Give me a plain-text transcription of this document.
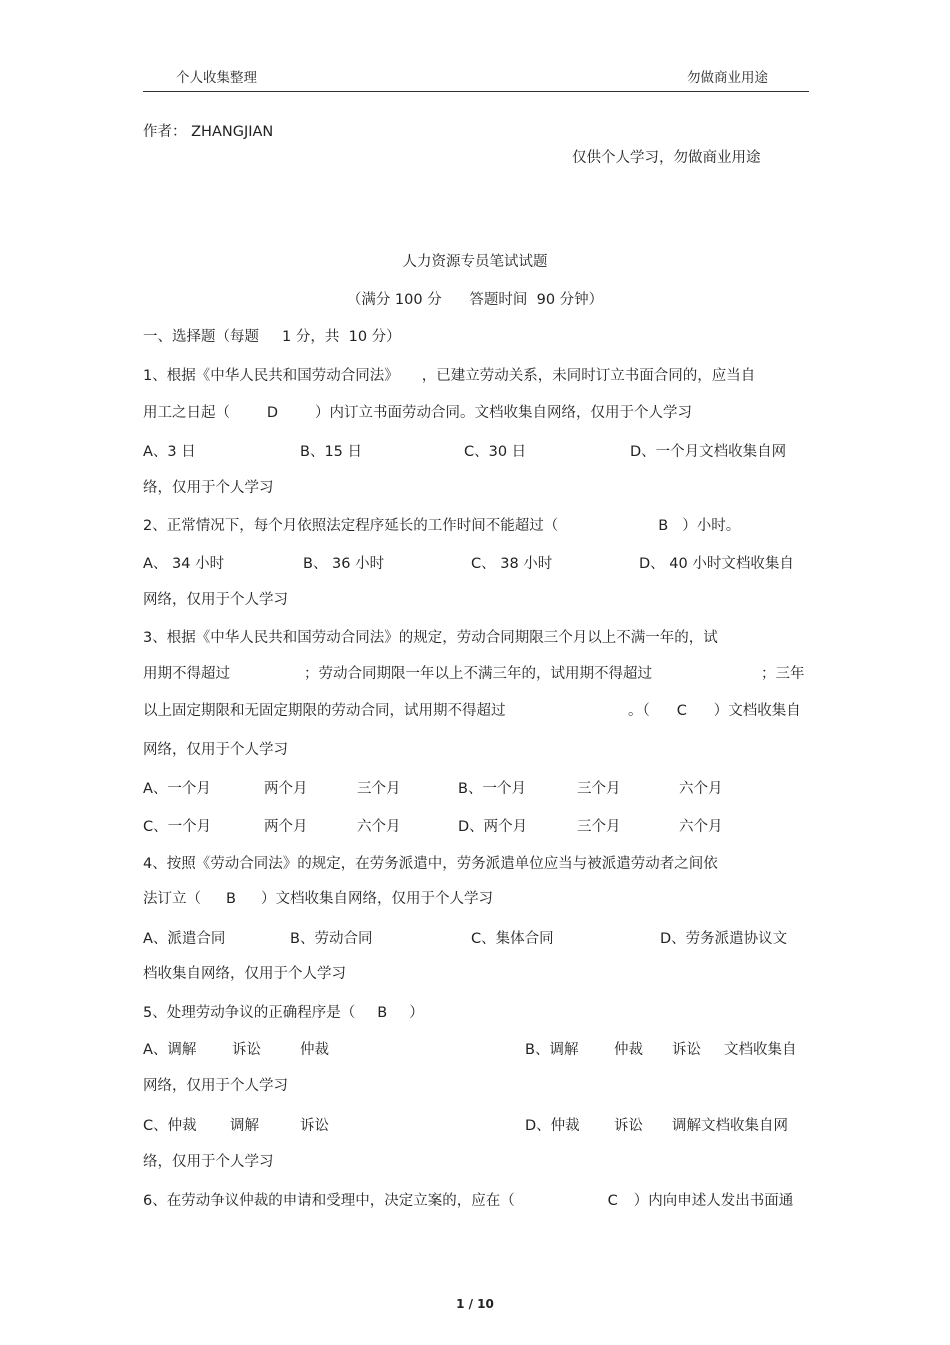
个人收集整理	勿做商业用途
作者： ZHANGJIAN
仅供个人学习，勿做商业用途
人力资源专员笔试试题
（满分 100 分      答题时间  90 分钟）
一、选择题（每题     1 分，共  10 分）
1、根据《中华人民共和国劳动合同法》     ，已建立劳动关系，未同时订立书面合同的，应当自
用工之日起（	D	）内订立书面劳动合同。文档收集自网络，仅用于个人学习
A、3 日	B、15 日	C、30 日	D、一个月文档收集自网
络，仅用于个人学习
2、正常情况下，每个月依照法定程序延长的工作时间不能超过（	B ）小时。
A、 34 小时	B、 36 小时	C、 38 小时	D、 40 小时文档收集自
网络，仅用于个人学习
3、根据《中华人民共和国劳动合同法》的规定，劳动合同期限三个月以上不满一年的，试
用期不得超过	；劳动合同期限一年以上不满三年的，试用期不得超过	；三年
以上固定期限和无固定期限的劳动合同，试用期不得超过	。（ C ）文档收集自
网络，仅用于个人学习
A、一个月	两个月	三个月	B、一个月	三个月	六个月
C、一个月	两个月	六个月	D、两个月	三个月	六个月
4、按照《劳动合同法》的规定，在劳务派遣中，劳务派遣单位应当与被派遣劳动者之间依
法订立（ B ）文档收集自网络，仅用于个人学习
A、派遣合同	B、劳动合同	C、集体合同	D、劳务派遣协议文
档收集自网络，仅用于个人学习
5、处理劳动争议的正确程序是（ B ）
A、调解 诉讼	仲裁	B、调解 仲裁 诉讼 文档收集自
网络，仅用于个人学习
C、仲裁 调解	诉讼	D、仲裁 诉讼 调解文档收集自网
络，仅用于个人学习
6、在劳动争议仲裁的申请和受理中，决定立案的，应在（	C ）内向申述人发出书面通
1 / 10
